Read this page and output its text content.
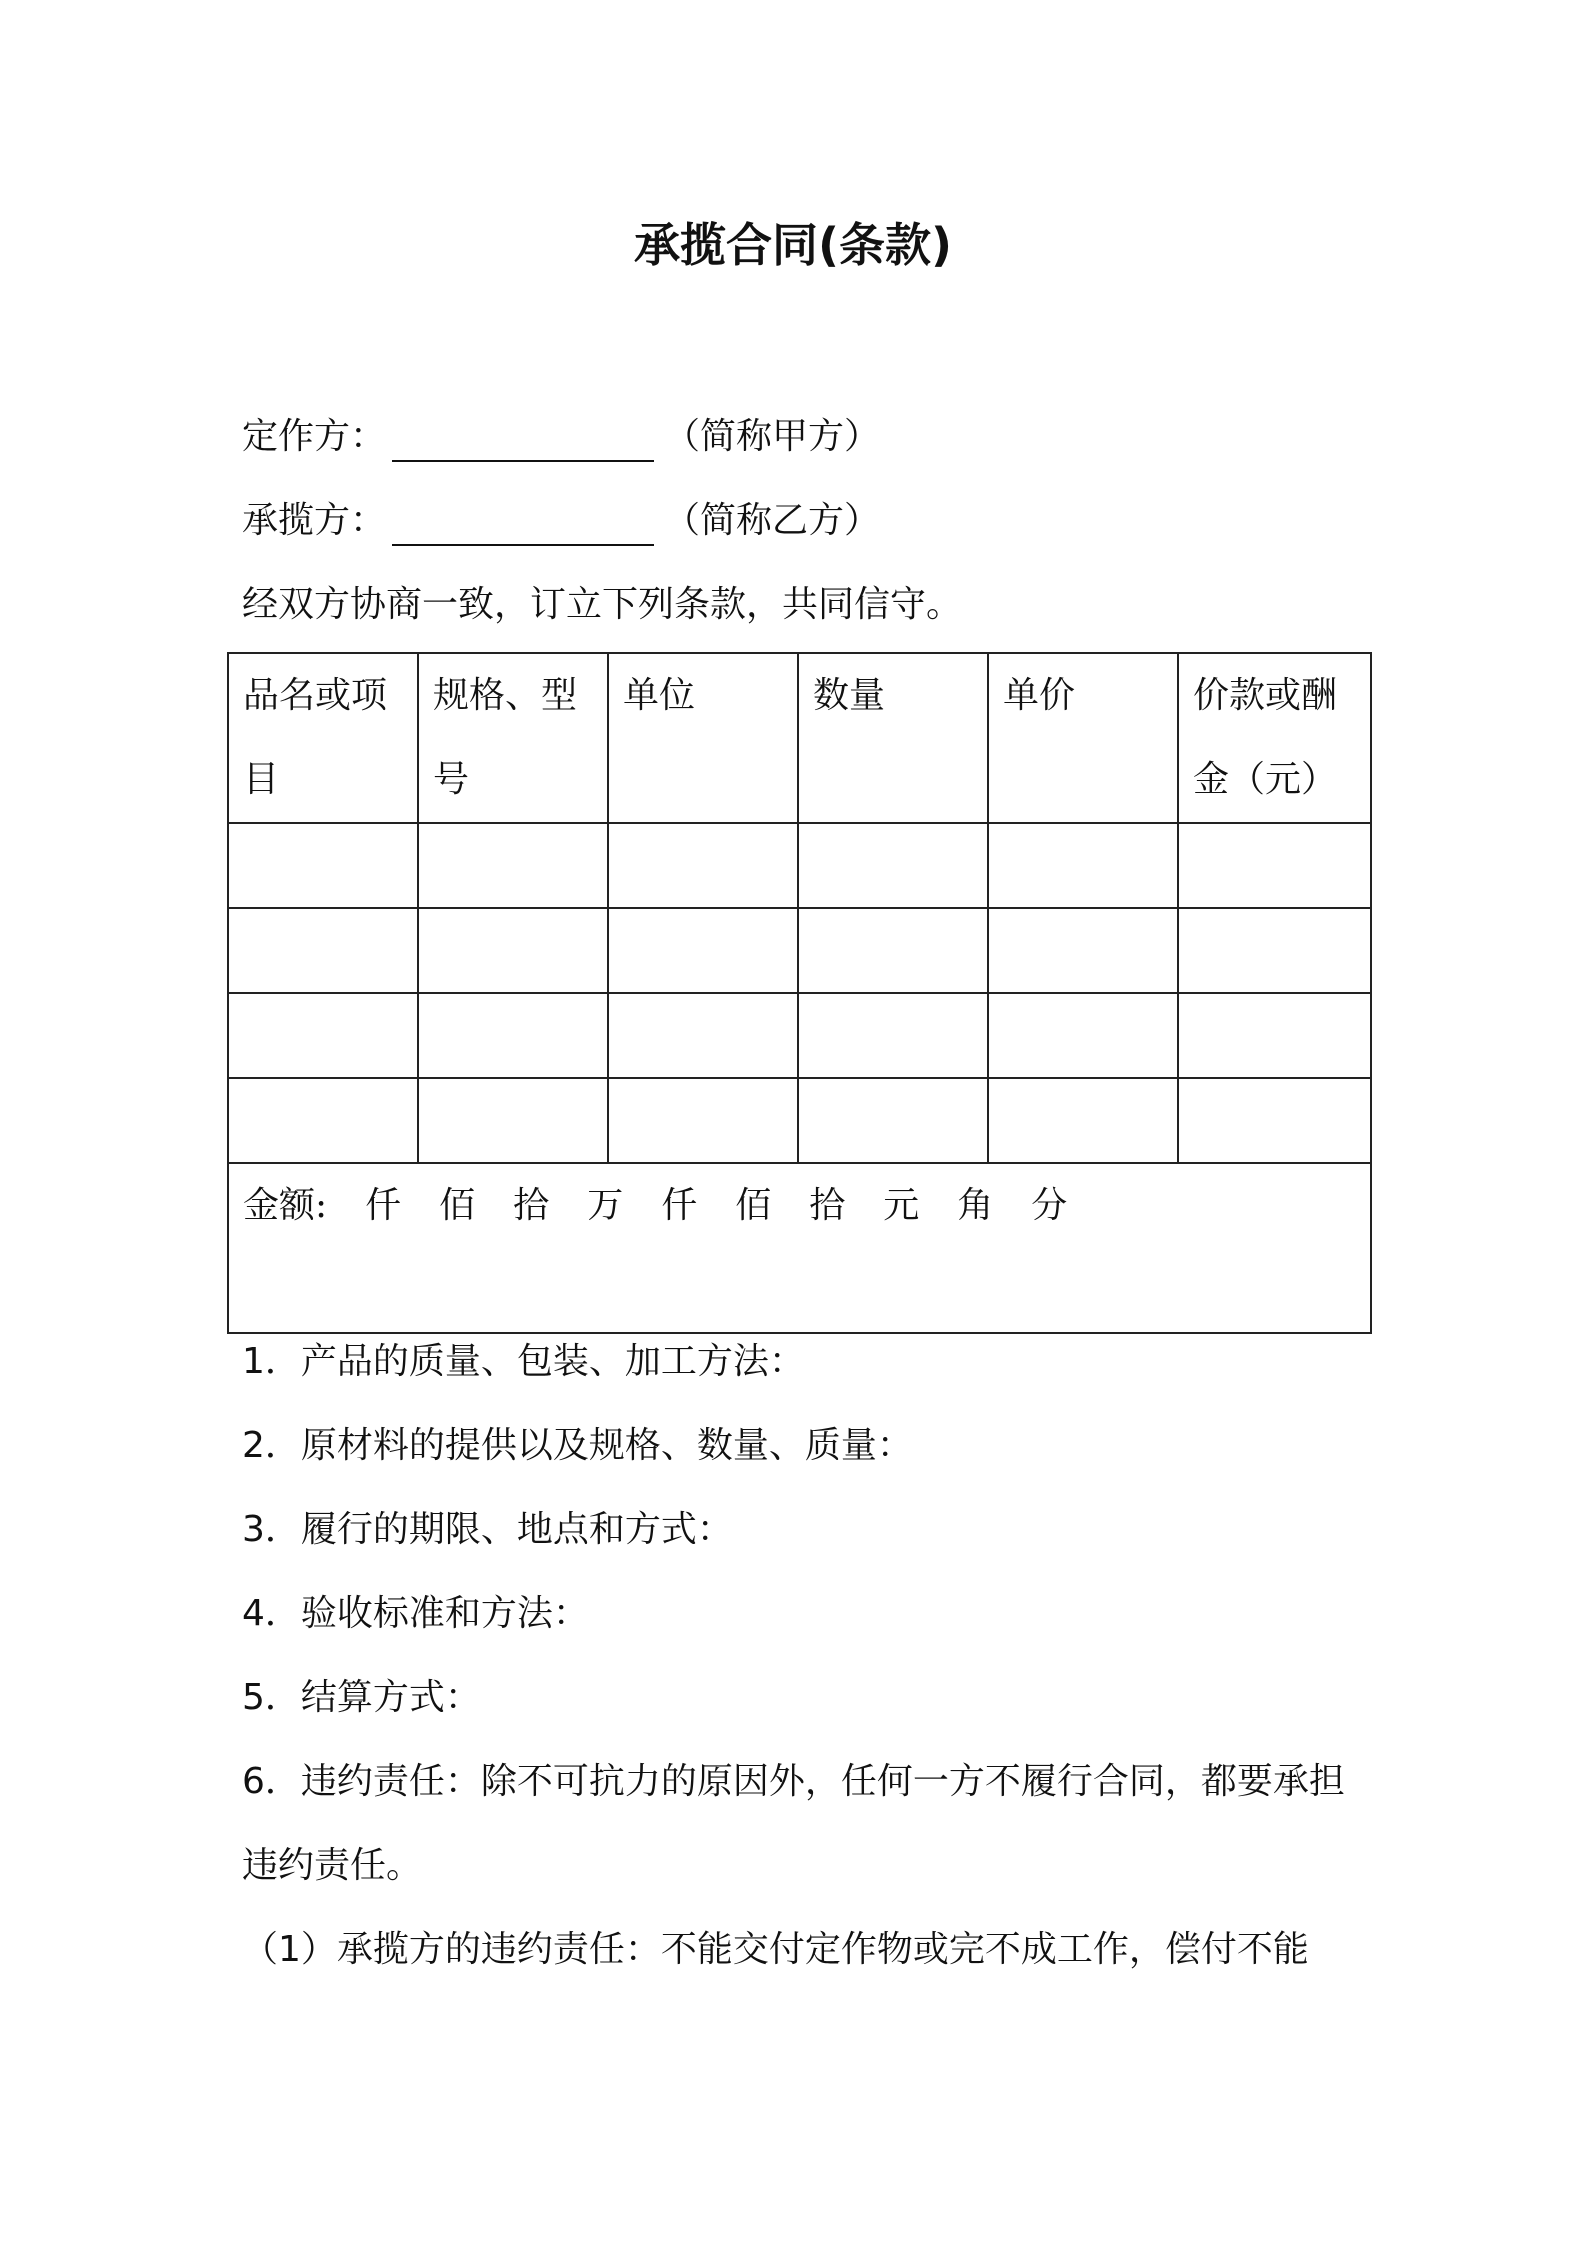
承揽合同(条款)
定作方：	（简称甲方）
承揽方：	（简称乙方）
经双方协商一致，订立下列条款，共同信守。
品名或项目	规格、型号	单位	数量	单价	价款或酬金（元）

金额: 仟 佰 拾 万 仟 佰 拾 元 角 分					

1．产品的质量、包装、加工方法：

2．原材料的提供以及规格、数量、质量：

3．履行的期限、地点和方式：

4．验收标准和方法：

5．结算方式：

6．违约责任：除不可抗力的原因外，任何一方不履行合同，都要承担违约责任。

（1）承揽方的违约责任：不能交付定作物或完不成工作，偿付不能
